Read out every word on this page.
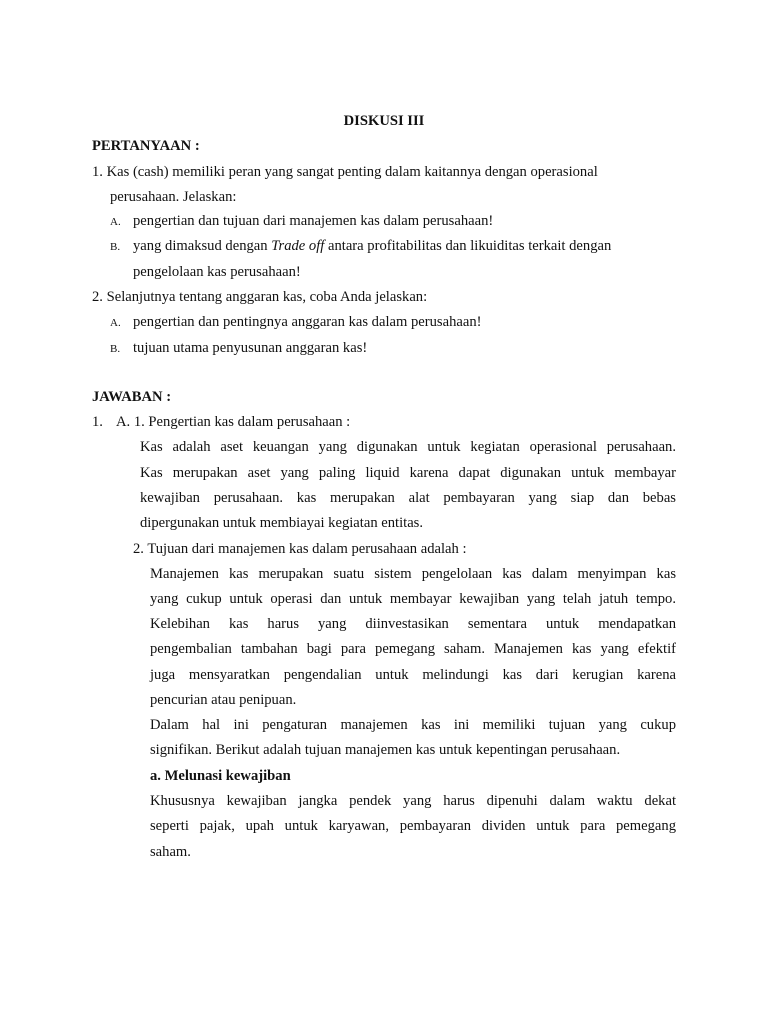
DISKUSI III
PERTANYAAN :
1. Kas (cash) memiliki peran yang sangat penting dalam kaitannya dengan operasional
perusahaan. Jelaskan:
A. pengertian dan tujuan dari manajemen kas dalam perusahaan!
B. yang dimaksud dengan Trade off antara profitabilitas dan likuiditas terkait dengan
pengelolaan kas perusahaan!
2. Selanjutnya tentang anggaran kas, coba Anda jelaskan:
A. pengertian dan pentingnya anggaran kas dalam perusahaan!
B. tujuan utama penyusunan anggaran kas!
JAWABAN :
1. A. 1. Pengertian kas dalam perusahaan :
Kas adalah aset keuangan yang digunakan untuk kegiatan operasional perusahaan.
Kas merupakan aset yang paling liquid karena dapat digunakan untuk membayar
kewajiban perusahaan. kas merupakan alat pembayaran yang siap dan bebas
dipergunakan untuk membiayai kegiatan entitas.
2. Tujuan dari manajemen kas dalam perusahaan adalah :
Manajemen kas merupakan suatu sistem pengelolaan kas dalam menyimpan kas
yang cukup untuk operasi dan untuk membayar kewajiban yang telah jatuh tempo.
Kelebihan kas harus yang diinvestasikan sementara untuk mendapatkan
pengembalian tambahan bagi para pemegang saham. Manajemen kas yang efektif
juga mensyaratkan pengendalian untuk melindungi kas dari kerugian karena
pencurian atau penipuan.
Dalam hal ini pengaturan manajemen kas ini memiliki tujuan yang cukup
signifikan. Berikut adalah tujuan manajemen kas untuk kepentingan perusahaan.
a. Melunasi kewajiban
Khususnya kewajiban jangka pendek yang harus dipenuhi dalam waktu dekat
seperti pajak, upah untuk karyawan, pembayaran dividen untuk para pemegang
saham.
